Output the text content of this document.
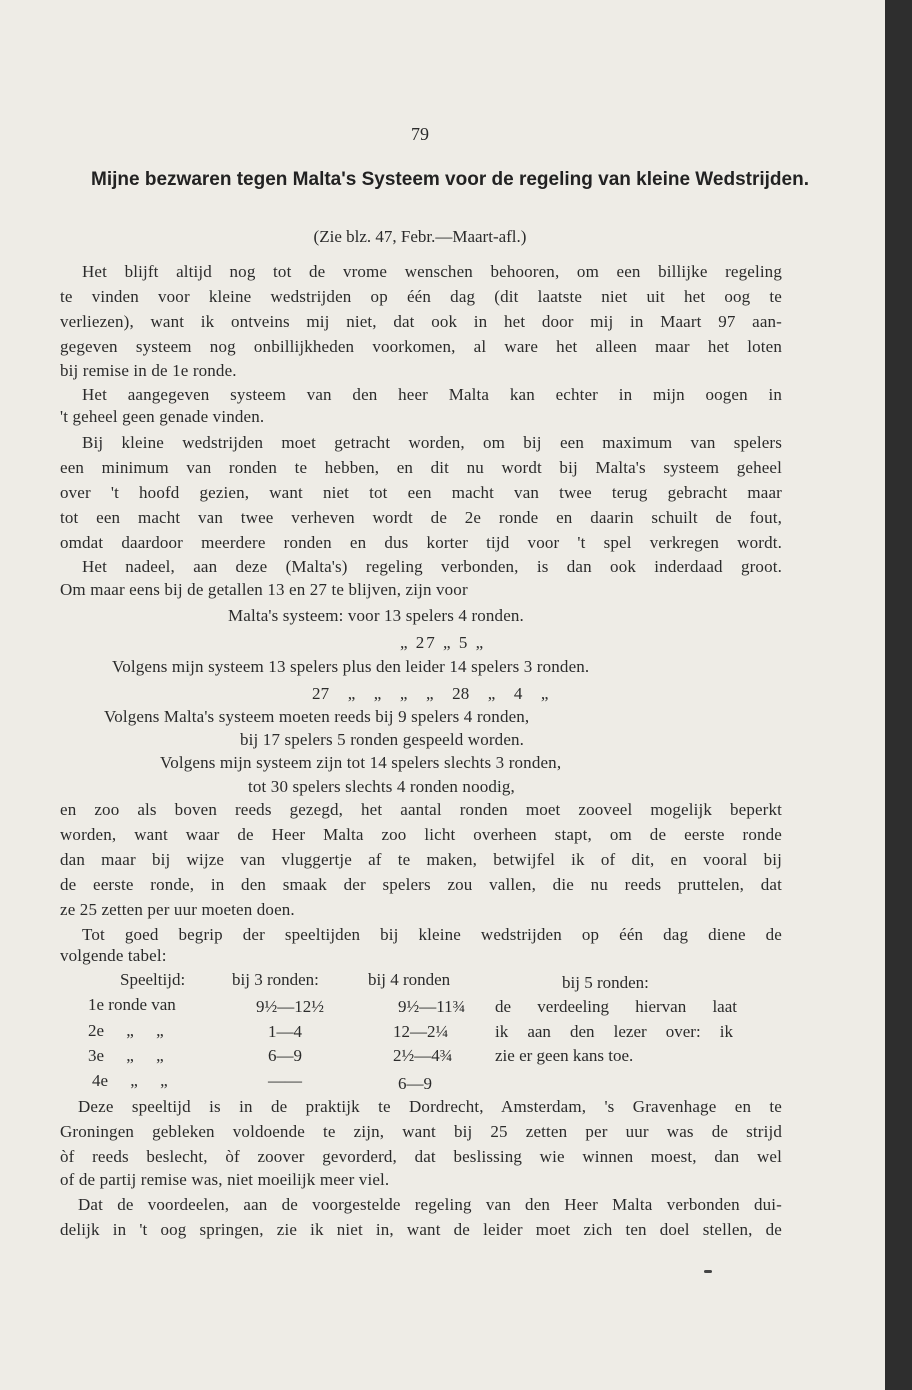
79
Mijne bezwaren tegen Malta's Systeem voor de regeling van kleine Wedstrijden.
(Zie blz. 47, Febr.—Maart-afl.)
Het blijft altijd nog tot de vrome wenschen behooren, om een billijke regeling
te vinden voor kleine wedstrijden op één dag (dit laatste niet uit het oog te
verliezen), want ik ontveins mij niet, dat ook in het door mij in Maart 97 aan-
gegeven systeem nog onbillijkheden voorkomen, al ware het alleen maar het loten
bij remise in de 1e ronde.
Het aangegeven systeem van den heer Malta kan echter in mijn oogen in
't geheel geen genade vinden.
Bij kleine wedstrijden moet getracht worden, om bij een maximum van spelers
een minimum van ronden te hebben, en dit nu wordt bij Malta's systeem geheel
over 't hoofd gezien, want niet tot een macht van twee terug gebracht maar
tot een macht van twee verheven wordt de 2e ronde en daarin schuilt de fout,
omdat daardoor meerdere ronden en dus korter tijd voor 't spel verkregen wordt.
Het nadeel, aan deze (Malta's) regeling verbonden, is dan ook inderdaad groot.
Om maar eens bij de getallen 13 en 27 te blijven, zijn voor
Malta's systeem: voor 13 spelers 4 ronden.
„ 27 „ 5 „
Volgens mijn systeem 13 spelers plus den leider 14 spelers 3 ronden.
27 „ „ „ „ 28 „ 4 „
Volgens Malta's systeem moeten reeds bij 9 spelers 4 ronden,
bij 17 spelers 5 ronden gespeeld worden.
Volgens mijn systeem zijn tot 14 spelers slechts 3 ronden,
tot 30 spelers slechts 4 ronden noodig,
en zoo als boven reeds gezegd, het aantal ronden moet zooveel mogelijk beperkt
worden, want waar de Heer Malta zoo licht overheen stapt, om de eerste ronde
dan maar bij wijze van vluggertje af te maken, betwijfel ik of dit, en vooral bij
de eerste ronde, in den smaak der spelers zou vallen, die nu reeds pruttelen, dat
ze 25 zetten per uur moeten doen.
Tot goed begrip der speeltijden bij kleine wedstrijden op één dag diene de
volgende tabel:
Speeltijd:	bij 3 ronden:	bij 4 ronden	bij 5 ronden:
1e ronde van	9½—12½	9½—11¾ de verdeeling hiervan laat
2e „ „	1—4	12—2¼	ik aan den lezer over: ik
3e „ „	6—9	2½—4¾	zie er geen kans toe.
4e „ „	——	6—9
Deze speeltijd is in de praktijk te Dordrecht, Amsterdam, 's Gravenhage en te
Groningen gebleken voldoende te zijn, want bij 25 zetten per uur was de strijd
òf reeds beslecht, òf zoover gevorderd, dat beslissing wie winnen moest, dan wel
of de partij remise was, niet moeilijk meer viel.
Dat de voordeelen, aan de voorgestelde regeling van den Heer Malta verbonden dui-
delijk in 't oog springen, zie ik niet in, want de leider moet zich ten doel stellen, de
